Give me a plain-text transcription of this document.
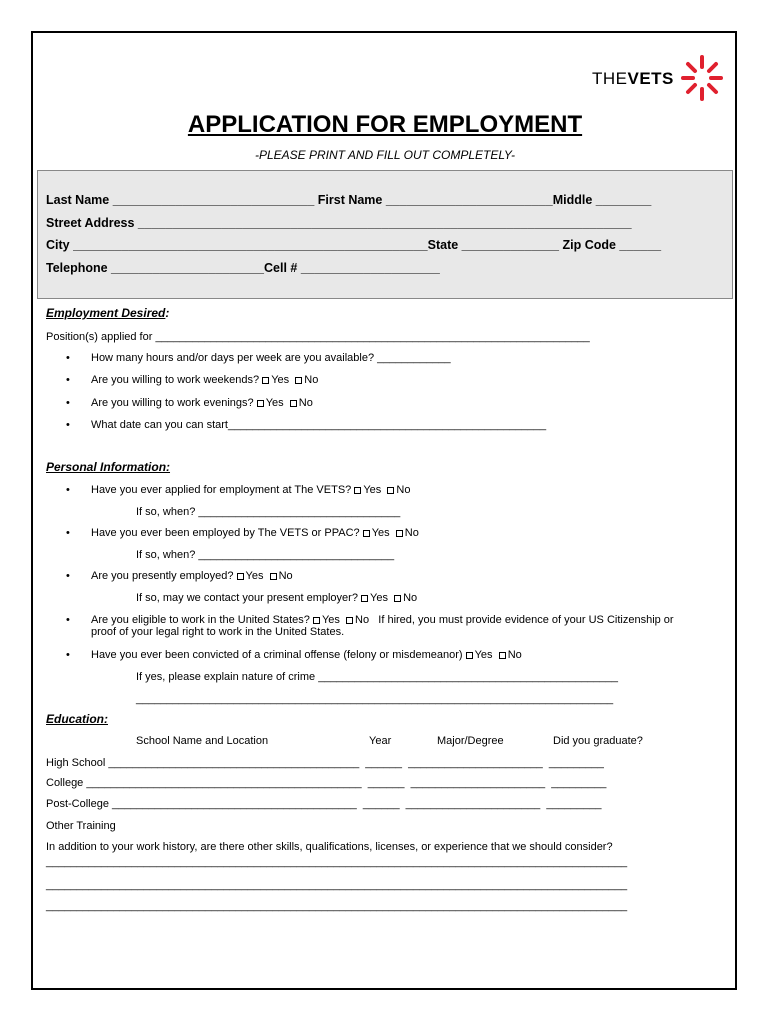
THEVETS
APPLICATION FOR EMPLOYMENT
-PLEASE PRINT AND FILL OUT COMPLETELY-
Last Name _____________________________ First Name ________________________Middle ________
Street Address _______________________________________________________________________
City ___________________________________________________State ______________ Zip Code ______
Telephone ______________________Cell # ____________________
Employment Desired:
Position(s) applied for _______________________________________________________________________
• How many hours and/or days per week are you available? ____________
• Are you willing to work weekends? Yes No
• Are you willing to work evenings? Yes No
• What date can you can start____________________________________________________
Personal Information:
• Have you ever applied for employment at The VETS? Yes No
If so, when? _________________________________
• Have you ever been employed by The VETS or PPAC? Yes No
If so, when? ________________________________
• Are you presently employed? Yes No
If so, may we contact your present employer? Yes No
• Are you eligible to work in the United States? Yes No If hired, you must provide evidence of your US Citizenship or
proof of your legal right to work in the United States.
• Have you ever been convicted of a criminal offense (felony or misdemeanor) Yes No
If yes, please explain nature of crime _________________________________________________
______________________________________________________________________________
Education:
School Name and Location	Year	Major/Degree	Did you graduate?
High School _________________________________________  ______  ______________________  _________
College _____________________________________________  ______  ______________________  _________
Post-College ________________________________________  ______  ______________________  _________
Other Training
In addition to your work history, are there other skills, qualifications, licenses, or experience that we should consider?
_______________________________________________________________________________________________
_______________________________________________________________________________________________
_______________________________________________________________________________________________
